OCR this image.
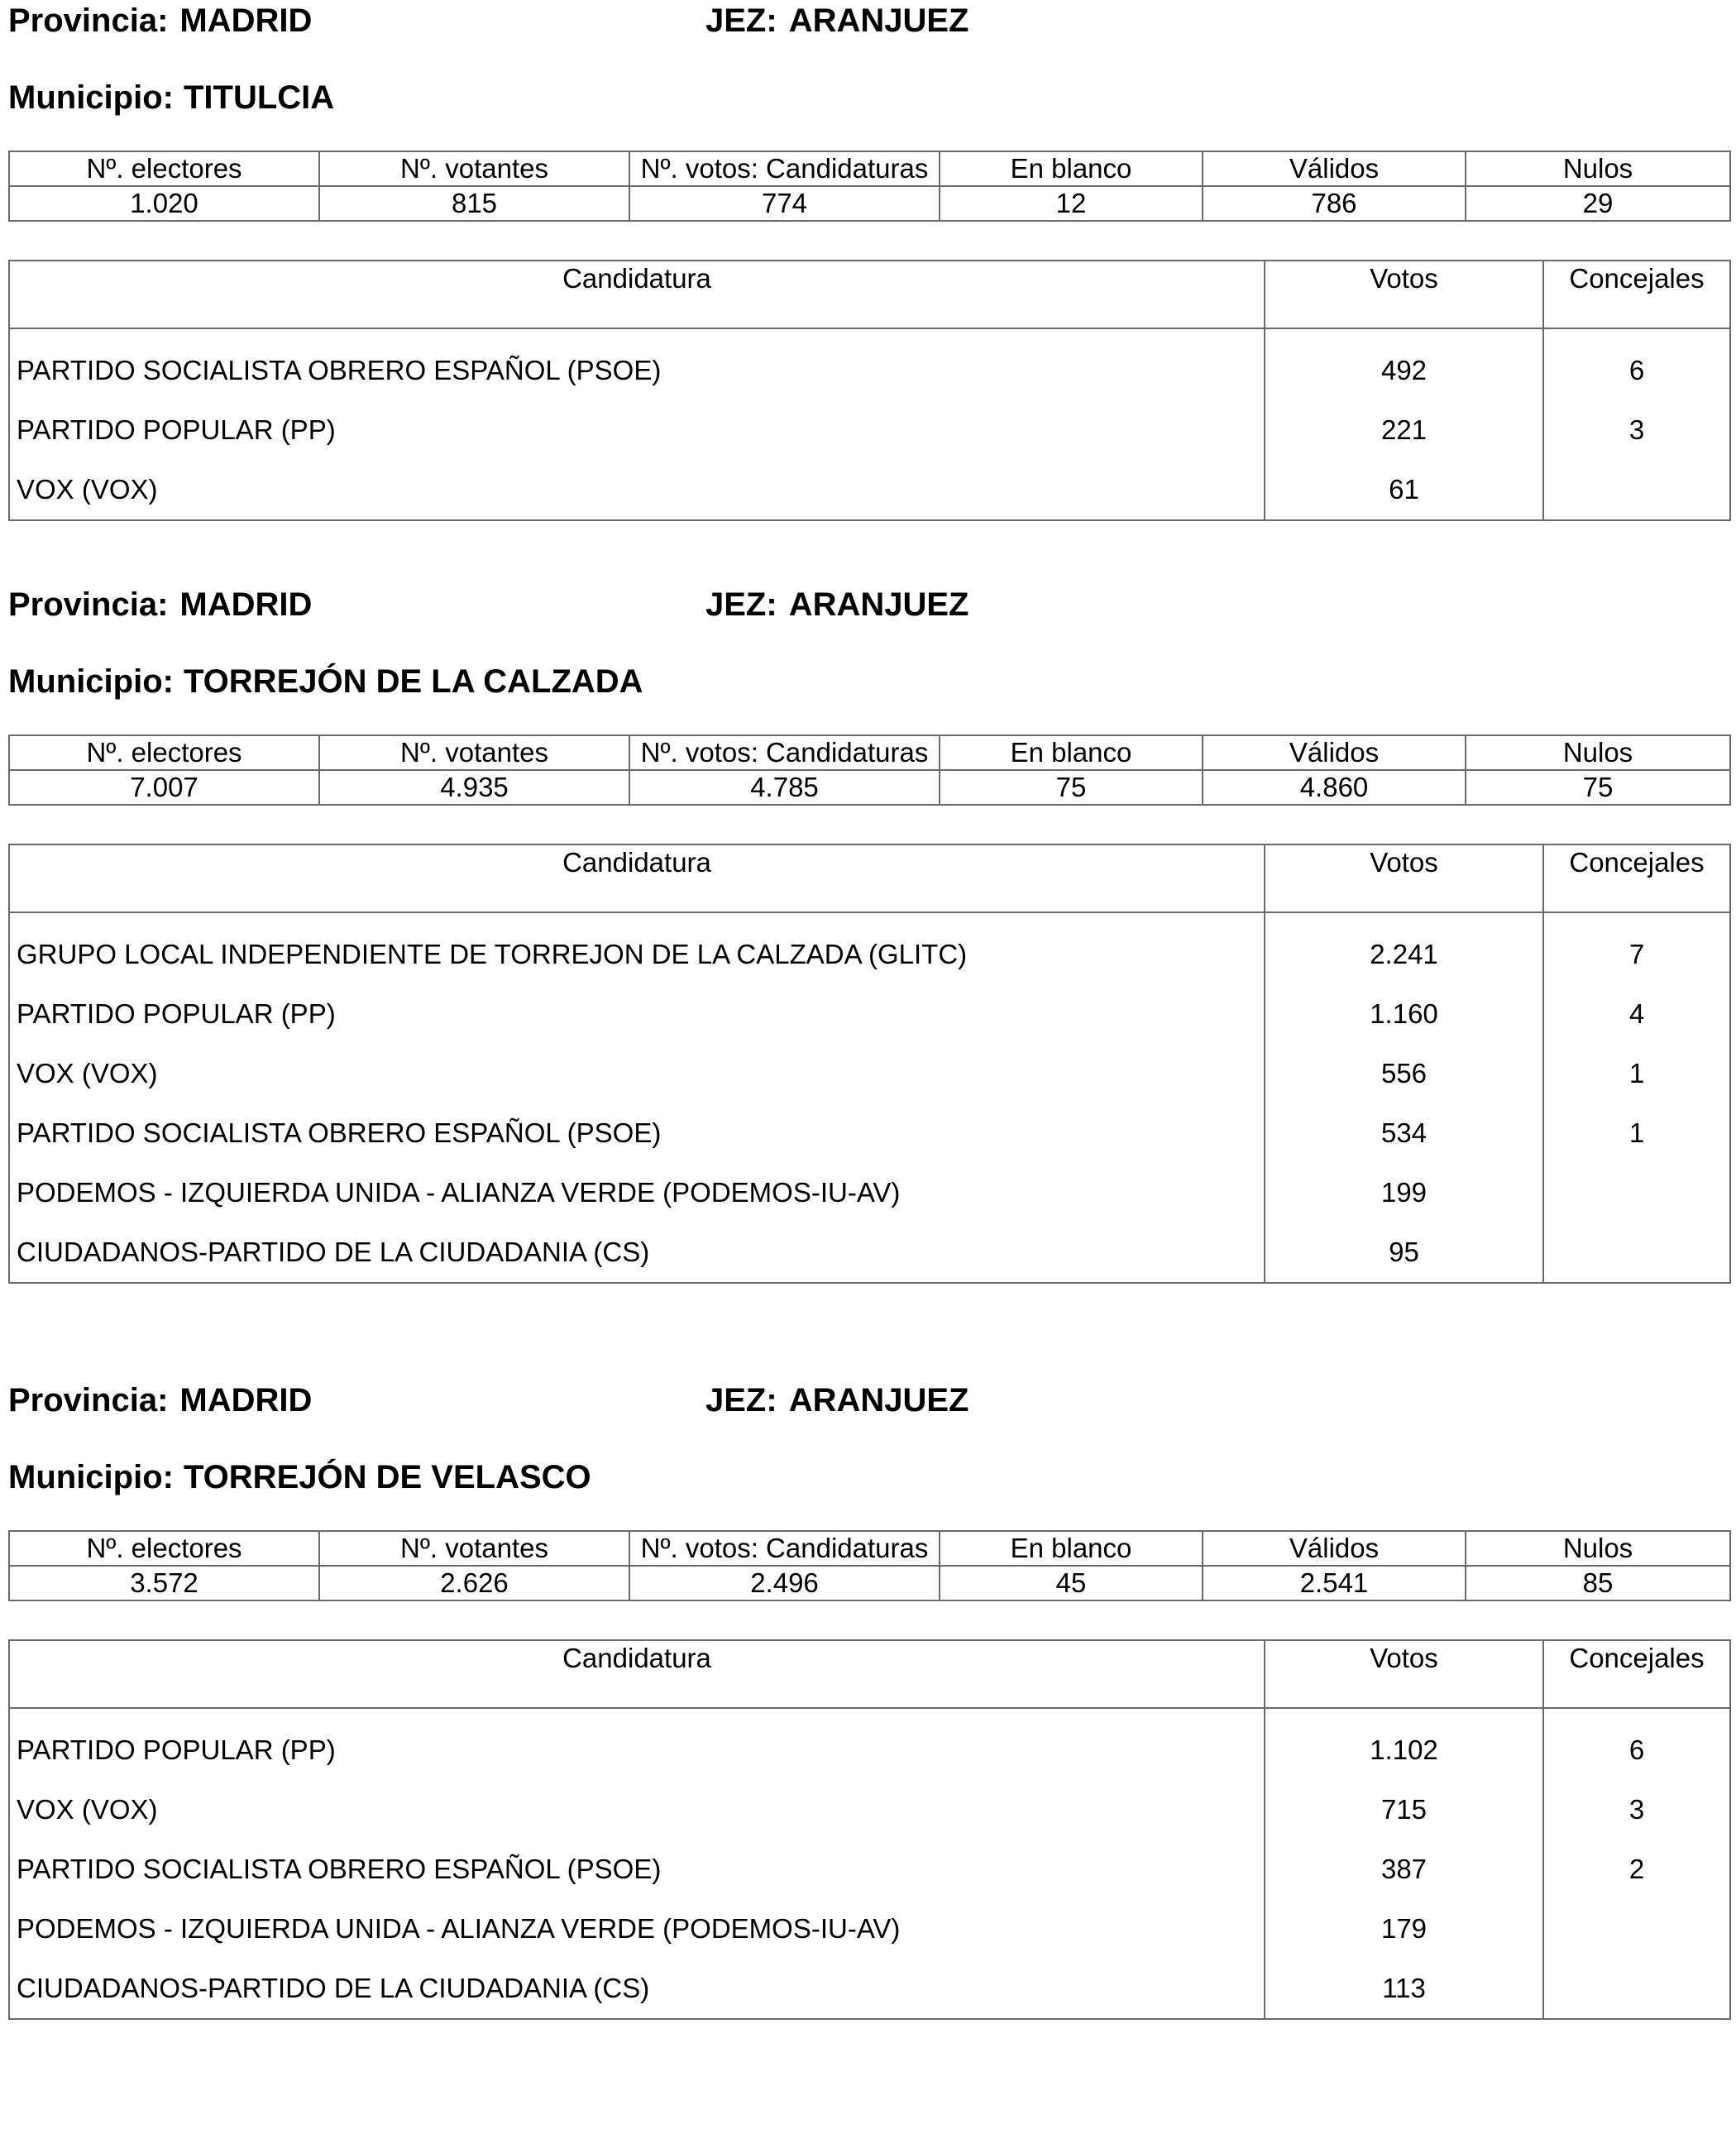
Provincia: MADRID	JEZ: ARANJUEZ
Municipio: TITULCIA
Nº. electores	Nº. votantes	Nº. votos: Candidaturas	En blanco	Válidos	Nulos
1.020	815	774	12	786	29
Candidatura	Votos	Concejales

PARTIDO SOCIALISTA OBRERO ESPAÑOL (PSOE)	492	6
PARTIDO POPULAR (PP)	221	3
VOX (VOX)	61	
Provincia: MADRID	JEZ: ARANJUEZ
Municipio: TORREJÓN DE LA CALZADA
Nº. electores	Nº. votantes	Nº. votos: Candidaturas	En blanco	Válidos	Nulos
7.007	4.935	4.785	75	4.860	75
Candidatura	Votos	Concejales

GRUPO LOCAL INDEPENDIENTE DE TORREJON DE LA CALZADA (GLITC)	2.241	7
PARTIDO POPULAR (PP)	1.160	4
VOX (VOX)	556	1
PARTIDO SOCIALISTA OBRERO ESPAÑOL (PSOE)	534	1
PODEMOS - IZQUIERDA UNIDA - ALIANZA VERDE (PODEMOS-IU-AV)	199	
CIUDADANOS-PARTIDO DE LA CIUDADANIA (CS)	95	
Provincia: MADRID	JEZ: ARANJUEZ
Municipio: TORREJÓN DE VELASCO
Nº. electores	Nº. votantes	Nº. votos: Candidaturas	En blanco	Válidos	Nulos
3.572	2.626	2.496	45	2.541	85
Candidatura	Votos	Concejales

PARTIDO POPULAR (PP)	1.102	6
VOX (VOX)	715	3
PARTIDO SOCIALISTA OBRERO ESPAÑOL (PSOE)	387	2
PODEMOS - IZQUIERDA UNIDA - ALIANZA VERDE (PODEMOS-IU-AV)	179	
CIUDADANOS-PARTIDO DE LA CIUDADANIA (CS)	113	
